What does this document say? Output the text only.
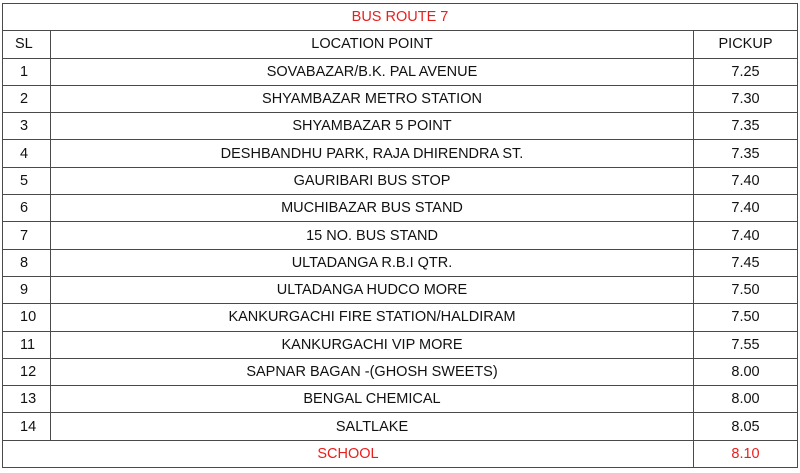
BUS ROUTE 7		
SL	LOCATION POINT	PICKUP
1	SOVABAZAR/B.K. PAL AVENUE	7.25
2	SHYAMBAZAR METRO STATION	7.30
3	SHYAMBAZAR 5 POINT	7.35
4	DESHBANDHU PARK, RAJA DHIRENDRA ST.	7.35
5	GAURIBARI BUS STOP	7.40
6	MUCHIBAZAR BUS STAND	7.40
7	15 NO. BUS STAND	7.40
8	ULTADANGA R.B.I QTR.	7.45
9	ULTADANGA HUDCO MORE	7.50
10	KANKURGACHI FIRE STATION/HALDIRAM	7.50
11	KANKURGACHI VIP MORE	7.55
12	SAPNAR BAGAN -(GHOSH SWEETS)	8.00
13	BENGAL CHEMICAL	8.00
14	SALTLAKE	8.05
SCHOOL		8.10
